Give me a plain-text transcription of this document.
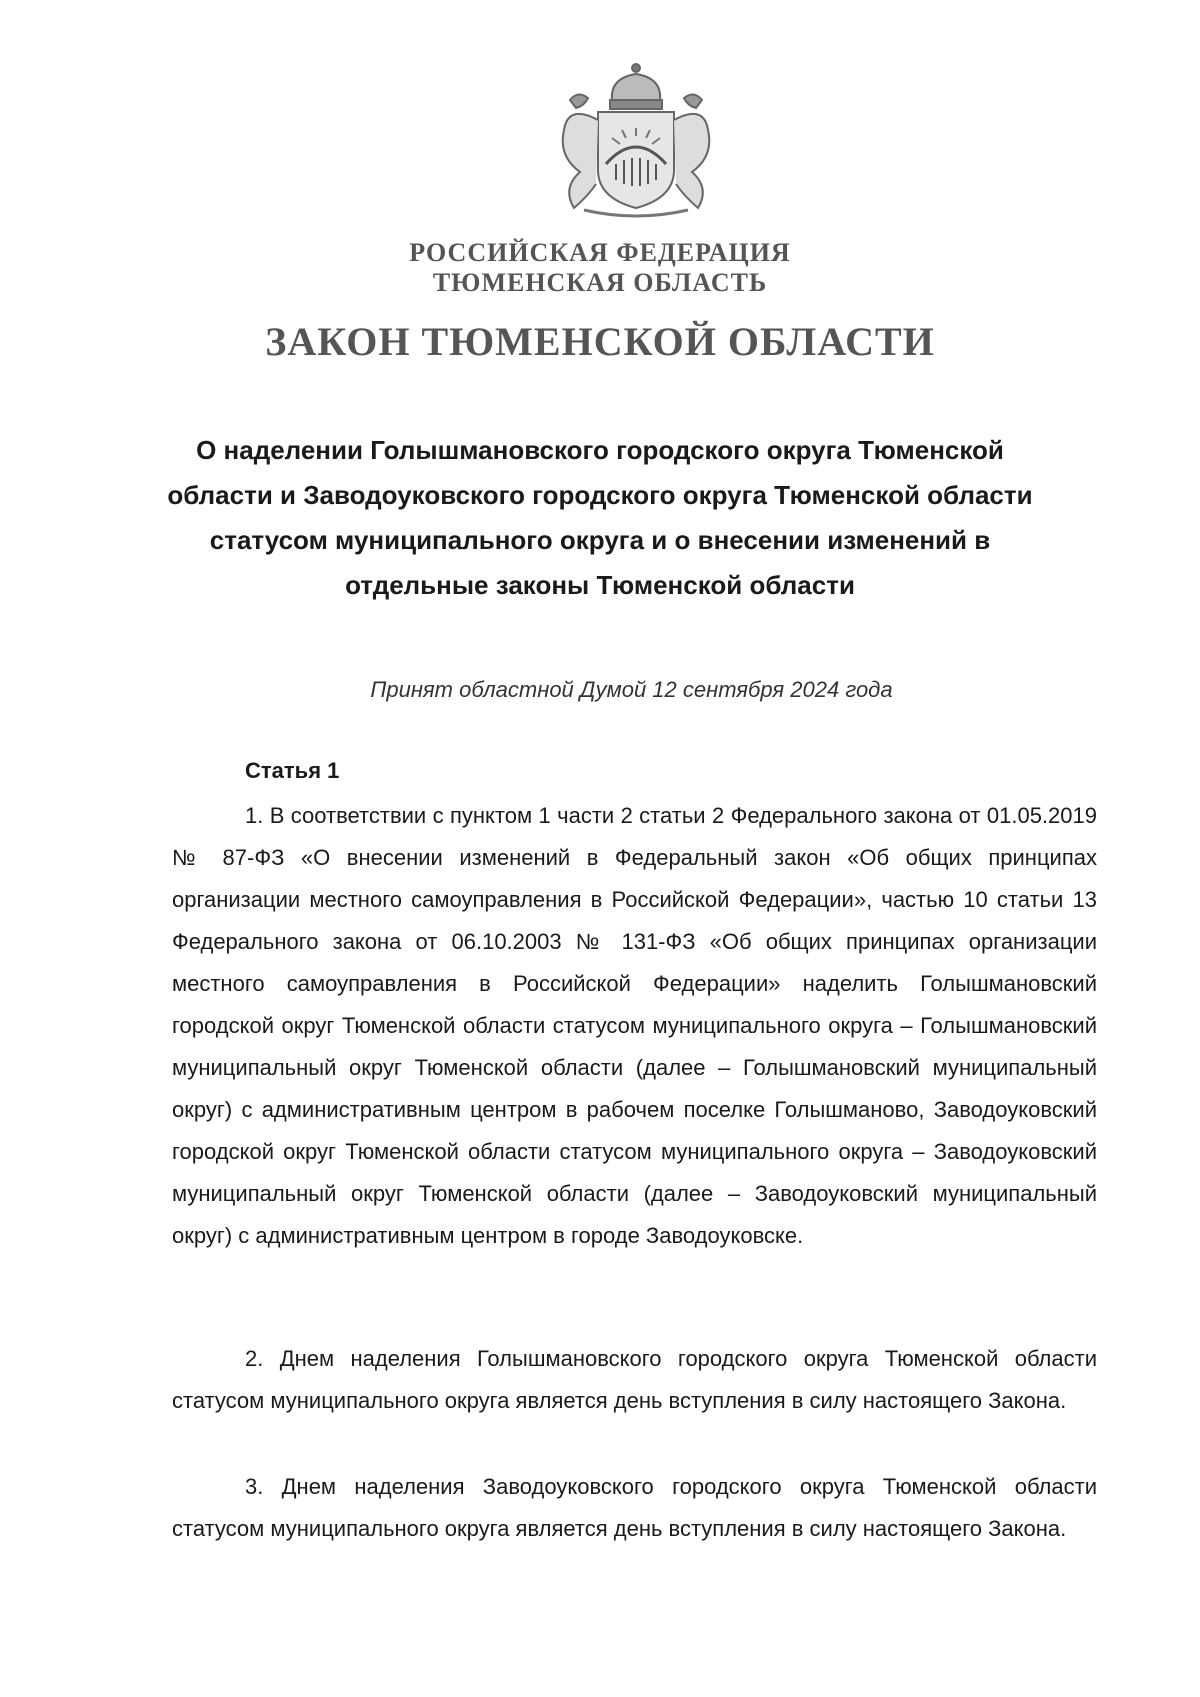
РОССИЙСКАЯ ФЕДЕРАЦИЯ
ТЮМЕНСКАЯ ОБЛАСТЬ
ЗАКОН ТЮМЕНСКОЙ ОБЛАСТИ
О наделении Голышмановского городского округа Тюменской области и Заводоуковского городского округа Тюменской области статусом муниципального округа и о внесении изменений в отдельные законы Тюменской области
Принят областной Думой 12 сентября 2024 года
Статья 1

1. В соответствии с пунктом 1 части 2 статьи 2 Федерального закона от 01.05.2019 № 87-ФЗ «О внесении изменений в Федеральный закон «Об общих принципах организации местного самоуправления в Российской Федерации», частью 10 статьи 13 Федерального закона от 06.10.2003 № 131-ФЗ «Об общих принципах организации местного самоуправления в Российской Федерации» наделить Голышмановский городской округ Тюменской области статусом муниципального округа – Голышмановский муниципальный округ Тюменской области (далее – Голышмановский муниципальный округ) с административным центром в рабочем поселке Голышманово, Заводоуковский городской округ Тюменской области статусом муниципального округа – Заводоуковский муниципальный округ Тюменской области (далее – Заводоуковский муниципальный округ) с административным центром в городе Заводоуковске.

2. Днем наделения Голышмановского городского округа Тюменской области статусом муниципального округа является день вступления в силу настоящего Закона.

3. Днем наделения Заводоуковского городского округа Тюменской области статусом муниципального округа является день вступления в силу настоящего Закона.
